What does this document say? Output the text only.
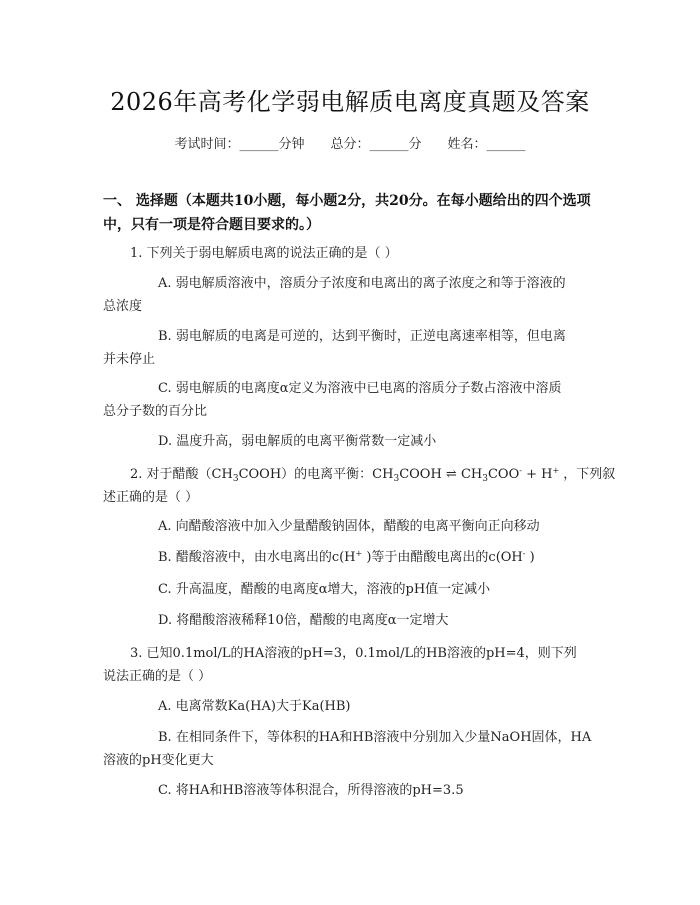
2026年高考化学弱电解质电离度真题及答案
考试时间：______分钟 总分：______分 姓名：______
一、 选择题（本题共10小题，每小题2分，共20分。在每小题给出的四个选项
中，只有一项是符合题目要求的。）
1. 下列关于弱电解质电离的说法正确的是（ ）
A. 弱电解质溶液中，溶质分子浓度和电离出的离子浓度之和等于溶液的
总浓度
B. 弱电解质的电离是可逆的，达到平衡时，正逆电离速率相等，但电离
并未停止
C. 弱电解质的电离度α定义为溶液中已电离的溶质分子数占溶液中溶质
总分子数的百分比
D. 温度升高，弱电解质的电离平衡常数一定减小
2. 对于醋酸$(CH_3COOH)$的电离平衡：$CH_3COOH$ ⇌ $CH_3COO^- + H^+$ ，下列叙
述正确的是（ ）
A. 向醋酸溶液中加入少量醋酸钠固体，醋酸的电离平衡向正向移动
B. 醋酸溶液中，由水电离出的c(H+ )等于由醋酸电离出的c(OH- )
C. 升高温度，醋酸的电离度α增大，溶液的pH值一定减小
D. 将醋酸溶液稀释10倍，醋酸的电离度α一定增大
3. 已知0.1mol/L的HA溶液的pH=3，0.1mol/L的HB溶液的pH=4，则下列
说法正确的是（ ）
A. 电离常数Ka(HA)大于Ka(HB)
B. 在相同条件下，等体积的HA和HB溶液中分别加入少量NaOH固体，HA
溶液的pH变化更大
C. 将HA和HB溶液等体积混合，所得溶液的pH=3.5
